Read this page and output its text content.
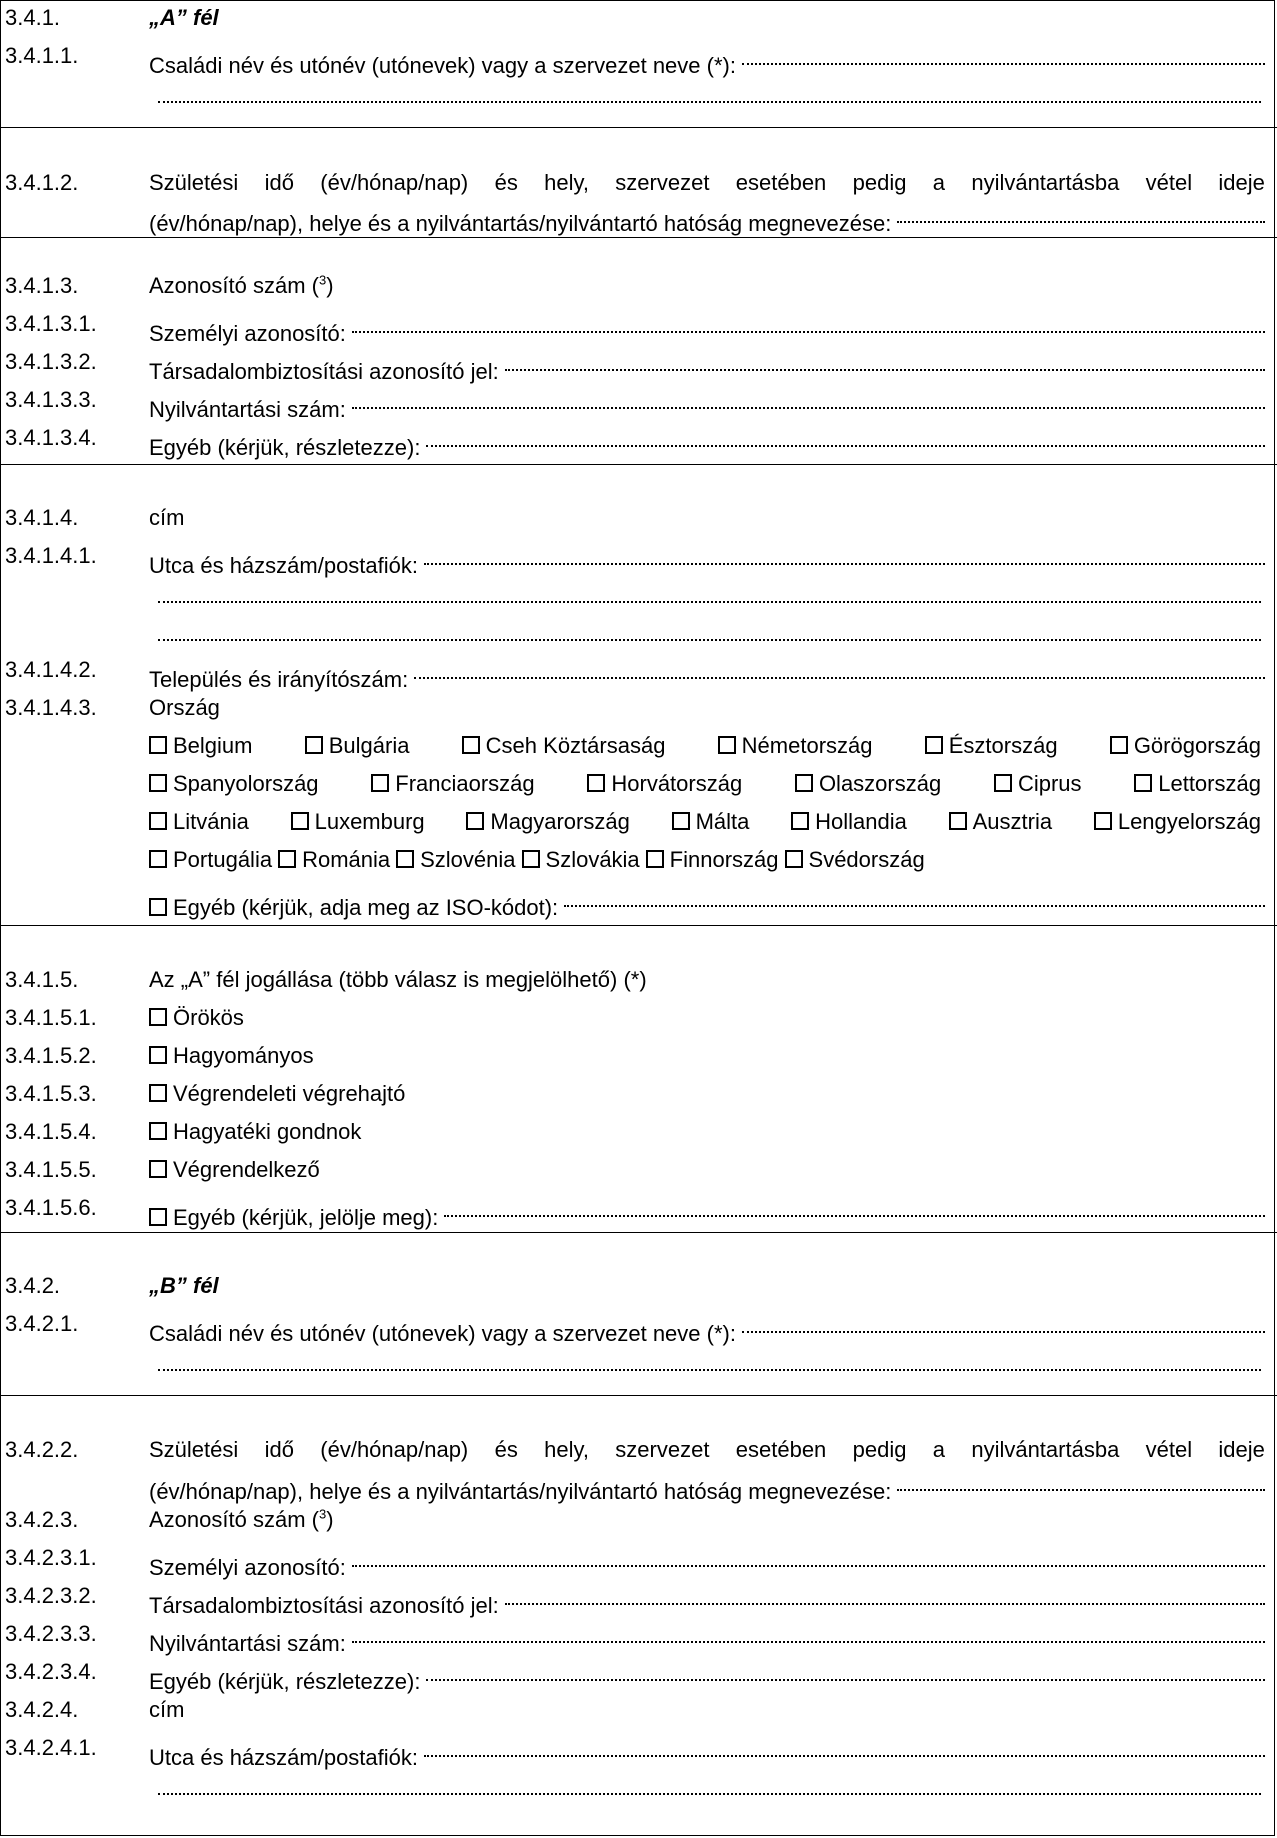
3.4.1.	„A” fél
3.4.1.1.	Családi név és utónév (utónevek) vagy a szervezet neve (*):
3.4.1.2.	Születési idő (év/hónap/nap) és hely, szervezet esetében pedig a nyilvántartásba vétel ideje
(év/hónap/nap), helye és a nyilvántartás/nyilvántartó hatóság megnevezése:
3.4.1.3.	Azonosító szám ($^3$)
3.4.1.3.1. Személyi azonosító:
3.4.1.3.2. Társadalombiztosítási azonosító jel:
3.4.1.3.3. Nyilvántartási szám:
3.4.1.3.4. Egyéb (kérjük, részletezze):
3.4.1.4.	cím
3.4.1.4.1. Utca és házszám/postafiók:
3.4.1.4.2. Település és irányítószám:
3.4.1.4.3. Ország
Belgium	Bulgária	Cseh Köztársaság	Németország	Észtország	Görögország
Spanyolország	Franciaország	Horvátország	Olaszország	Ciprus	Lettország
Litvánia	Luxemburg	Magyarország	Málta	Hollandia	Ausztria	Lengyelország
Portugália	Románia	Szlovénia	Szlovákia	Finnország	Svédország
Egyéb (kérjük, adja meg az ISO-kódot):
3.4.1.5.	Az „A” fél jogállása (több válasz is megjelölhető) (*)
3.4.1.5.1.	Örökös
3.4.1.5.2.	Hagyományos
3.4.1.5.3.	Végrendeleti végrehajtó
3.4.1.5.4.	Hagyatéki gondnok
3.4.1.5.5.	Végrendelkező
3.4.1.5.6.	Egyéb (kérjük, jelölje meg):
3.4.2.	„B” fél
3.4.2.1.	Családi név és utónév (utónevek) vagy a szervezet neve (*):
3.4.2.2.	Születési idő (év/hónap/nap) és hely, szervezet esetében pedig a nyilvántartásba vétel ideje
(év/hónap/nap), helye és a nyilvántartás/nyilvántartó hatóság megnevezése:
3.4.2.3.	Azonosító szám ($^3$)
3.4.2.3.1. Személyi azonosító:
3.4.2.3.2. Társadalombiztosítási azonosító jel:
3.4.2.3.3. Nyilvántartási szám:
3.4.2.3.4. Egyéb (kérjük, részletezze):
3.4.2.4.	cím
3.4.2.4.1. Utca és házszám/postafiók:
